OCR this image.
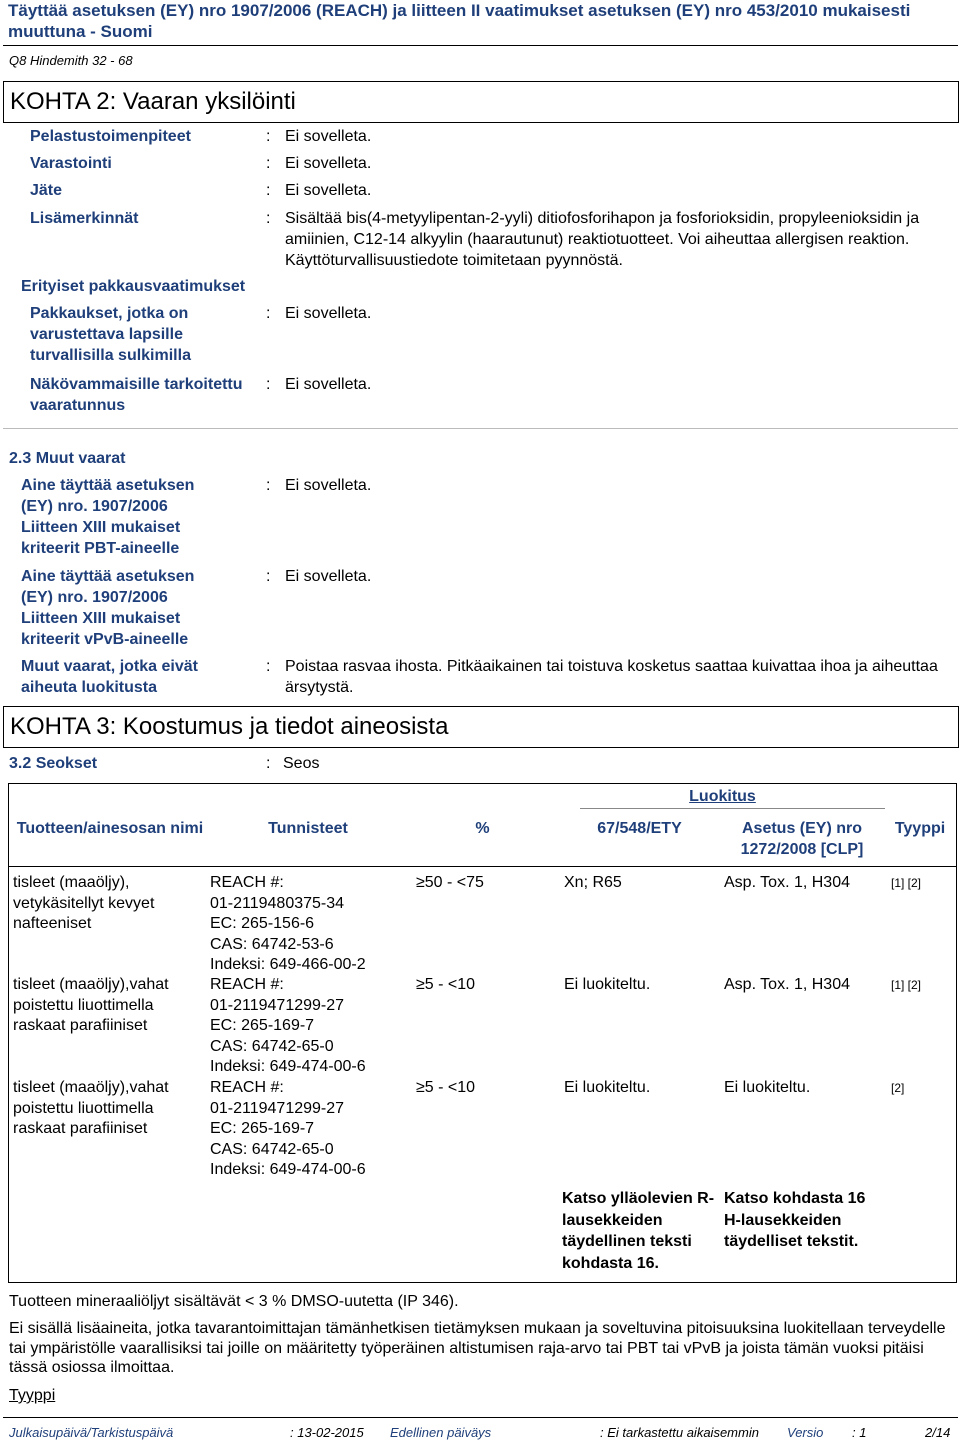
Täyttää asetuksen (EY) nro 1907/2006 (REACH) ja liitteen II vaatimukset asetuksen (EY) nro 453/2010 mukaisesti muuttuna - Suomi
Q8 Hindemith 32 - 68
KOHTA 2: Vaaran yksilöinti
Pelastustoimenpiteet	: Ei sovelleta.
Varastointi	: Ei sovelleta.
Jäte	: Ei sovelleta.
Lisämerkinnät	: Sisältää bis(4-metyylipentan-2-yyli) ditiofosforihapon ja fosforioksidin, propyleenioksidin ja amiinien, C12-14 alkyylin (haarautunut) reaktiotuotteet. Voi aiheuttaa allergisen reaktion. Käyttöturvallisuustiedote toimitetaan pyynnöstä.
Erityiset pakkausvaatimukset
Pakkaukset, jotka on varustettava lapsille turvallisilla sulkimilla
: Ei sovelleta.
Näkövammaisille tarkoitettu vaaratunnus
: Ei sovelleta.
2.3 Muut vaarat
Aine täyttää asetuksen (EY) nro. 1907/2006 Liitteen XIII mukaiset kriteerit PBT-aineelle
: Ei sovelleta.
Aine täyttää asetuksen (EY) nro. 1907/2006 Liitteen XIII mukaiset kriteerit vPvB-aineelle
: Ei sovelleta.
Muut vaarat, jotka eivät aiheuta luokitusta
: Poistaa rasvaa ihosta. Pitkäaikainen tai toistuva kosketus saattaa kuivattaa ihoa ja aiheuttaa ärsytystä.
KOHTA 3: Koostumus ja tiedot aineosista
3.2 Seokset	: Seos
Luokitus
Tuotteen/ainesosan nimi	Tunnisteet	%	67/548/ETY	Asetus (EY) nro 1272/2008 [CLP]
Tyyppi
tisleet (maaöljy), vetykäsitellyt kevyet nafteeniset
REACH #:
01-2119480375-34
EC: 265-156-6
CAS: 64742-53-6
Indeksi: 649-466-00-2
≥50 - <75	Xn; R65	Asp. Tox. 1, H304	[1] [2]
tisleet (maaöljy),vahat poistettu liuottimella raskaat parafiiniset
REACH #:
01-2119471299-27
EC: 265-169-7
CAS: 64742-65-0
Indeksi: 649-474-00-6
≥5 - <10	Ei luokiteltu.	Asp. Tox. 1, H304	[1] [2]
tisleet (maaöljy),vahat poistettu liuottimella raskaat parafiiniset
REACH #:
01-2119471299-27
EC: 265-169-7
CAS: 64742-65-0
Indeksi: 649-474-00-6
≥5 - <10	Ei luokiteltu.	Ei luokiteltu.	[2]
Katso ylläolevien R-lausekkeiden täydellinen teksti kohdasta 16.
Katso kohdasta 16 H-lausekkeiden täydelliset tekstit.
Tuotteen mineraaliöljyt sisältävät < 3 % DMSO-uutetta (IP 346).
Ei sisällä lisäaineita, jotka tavarantoimittajan tämänhetkisen tietämyksen mukaan ja soveltuvina pitoisuuksina luokitellaan terveydelle tai ympäristölle vaarallisiksi tai joille on määritetty työperäinen altistumisen raja-arvo tai PBT tai vPvB ja joista tämän vuoksi pitäisi tässä osiossa ilmoittaa.
Tyyppi
Julkaisupäivä/Tarkistuspäivä	: 13-02-2015 Edellinen päiväys	: Ei tarkastettu aikaisemmin Versio : 1	2/14
